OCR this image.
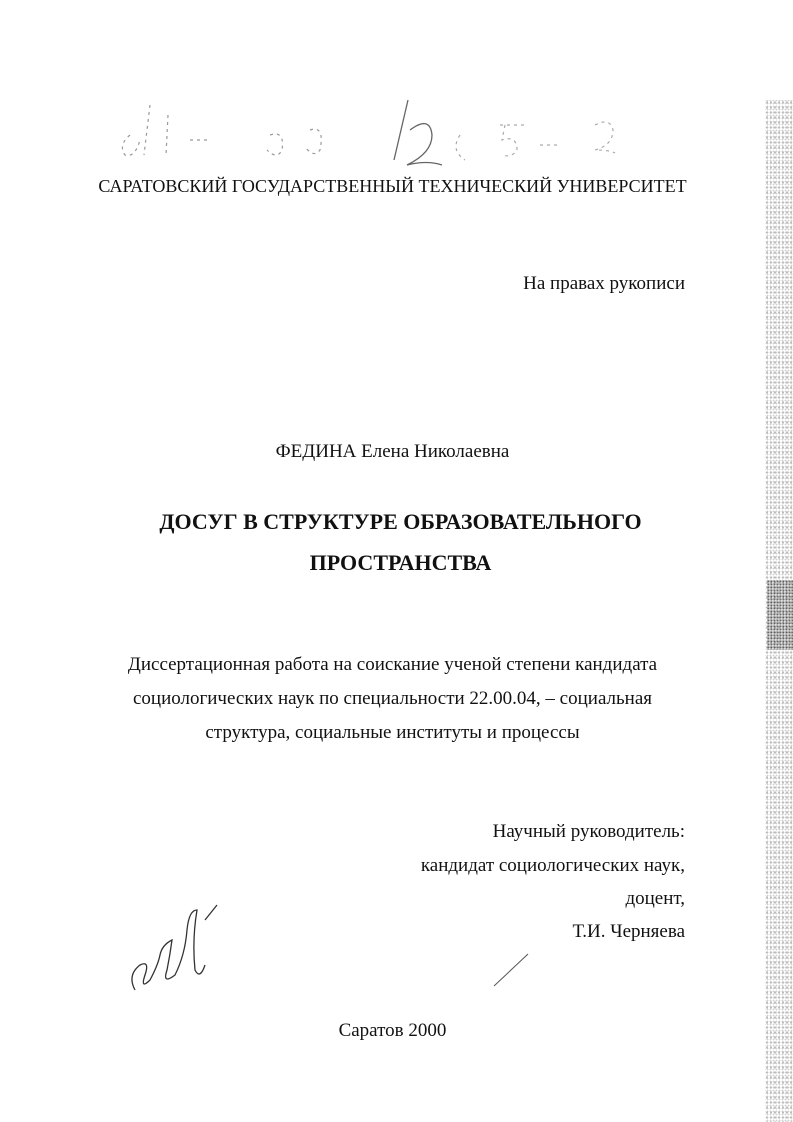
САРАТОВСКИЙ ГОСУДАРСТВЕННЫЙ ТЕХНИЧЕСКИЙ УНИВЕРСИТЕТ
На правах рукописи
ФЕДИНА Елена Николаевна
ДОСУГ В СТРУКТУРЕ ОБРАЗОВАТЕЛЬНОГО
ПРОСТРАНСТВА
Диссертационная работа на соискание ученой степени кандидата
социологических наук по специальности 22.00.04, – социальная
структура, социальные институты и процессы
Научный руководитель:
кандидат социологических наук,
доцент,
Т.И. Черняева
Саратов 2000
